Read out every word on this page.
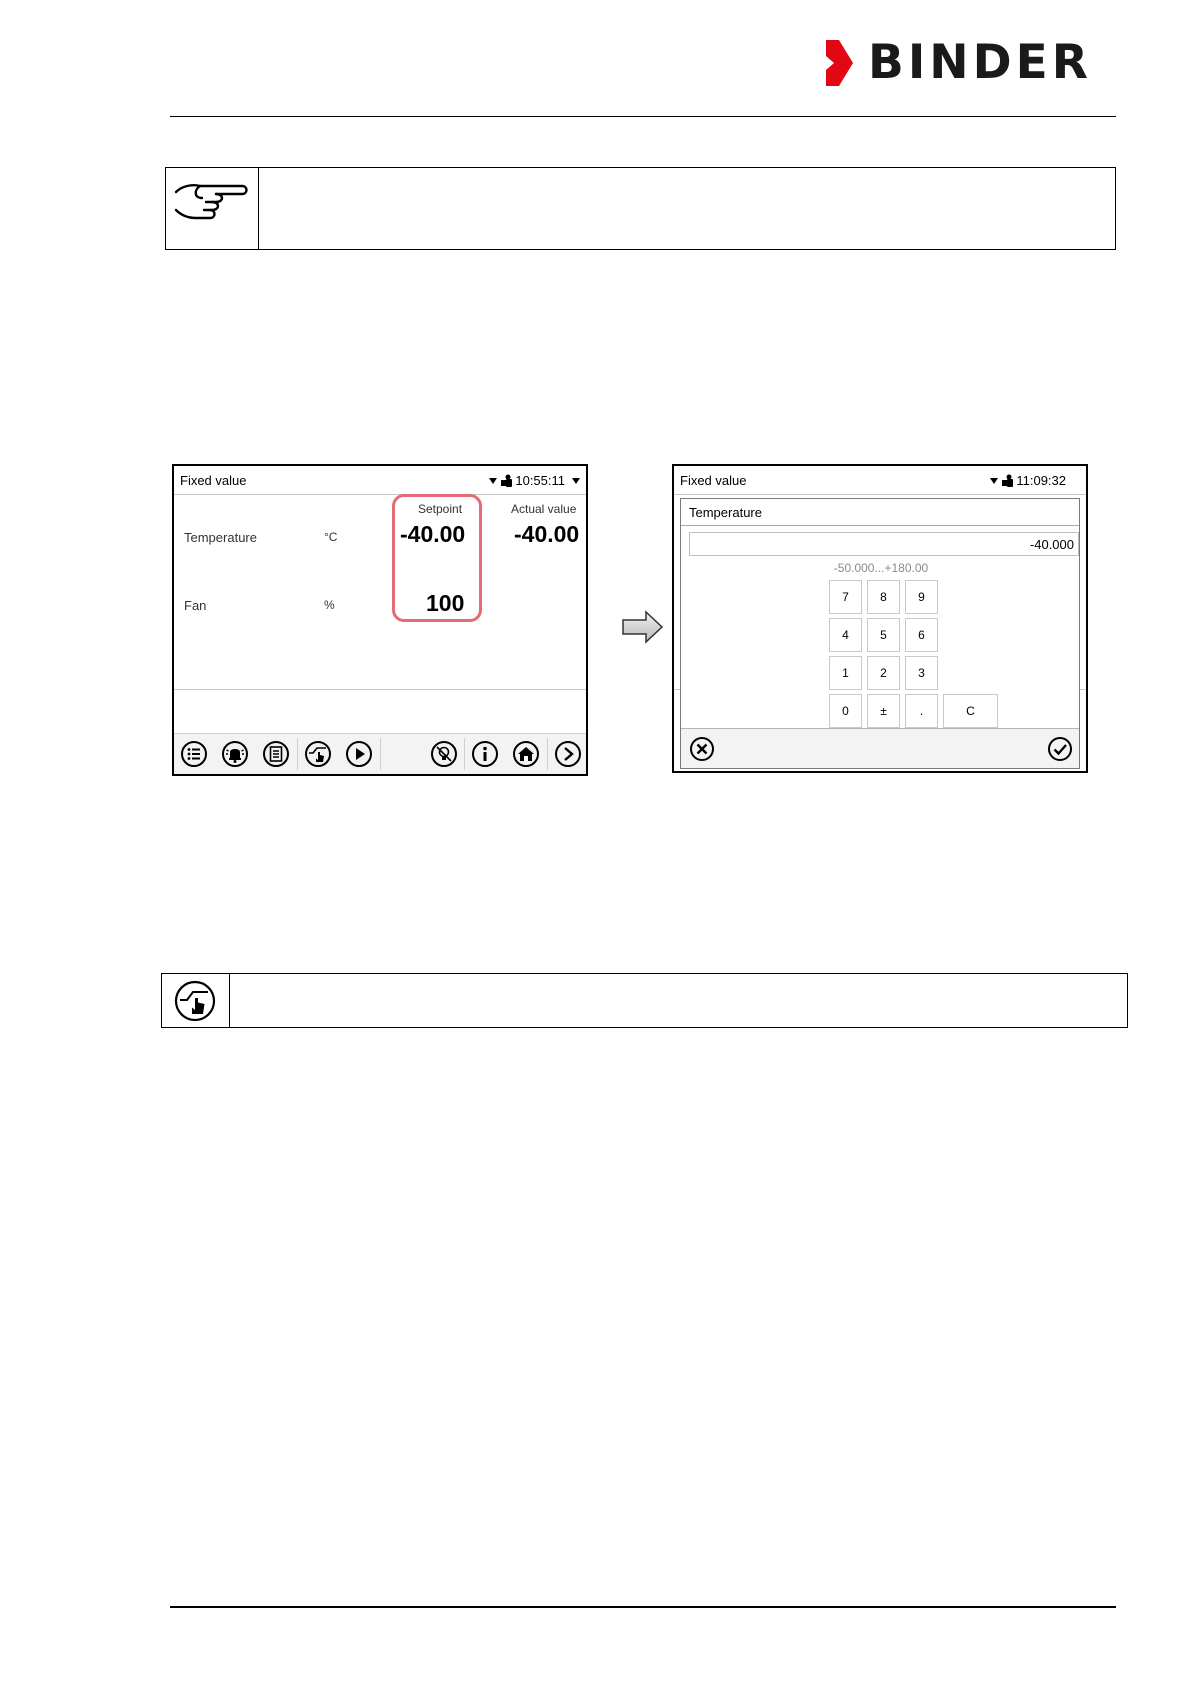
BINDER
Fixed value	10:55:11
Setpoint	Actual value
Temperature	°C	-40.00 -40.00
Fan	%	100
Fixed value	11:09:32
Temperature
-40.000
-50.000...+180.00
7	8	9
4	5	6
1	2	3
0	±	.	C
